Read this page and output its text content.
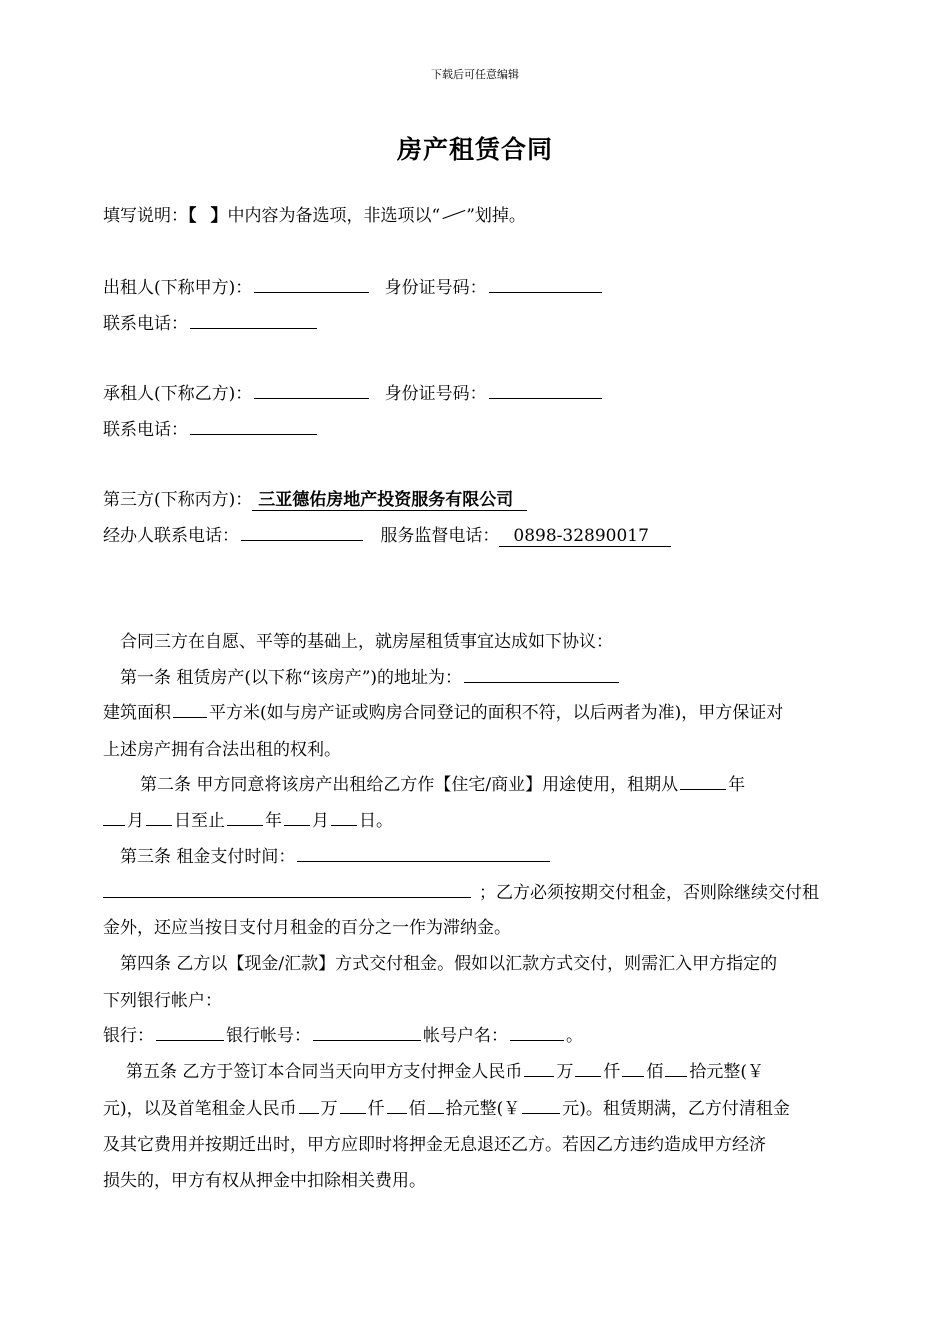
下载后可任意编辑
房产租赁合同
填写说明：【 】中内容为备选项，非选项以“ ”划掉。
出租人(下称甲方)：	身份证号码：
联系电话：
承租人(下称乙方)：	身份证号码：
联系电话：
第三方(下称丙方)： 三亚德佑房地产投资服务有限公司
经办人联系电话：	服务监督电话： 0898-32890017
合同三方在自愿、平等的基础上，就房屋租赁事宜达成如下协议：
第一条 租赁房产(以下称“该房产”)的地址为：
建筑面积 平方米(如与房产证或购房合同登记的面积不符，以后两者为准)，甲方保证对
上述房产拥有合法出租的权利。
第二条 甲方同意将该房产出租给乙方作【住宅/商业】用途使用，租期从	年
月 日至止 年 月 日。
第三条 租金支付时间：
；乙方必须按期交付租金，否则除继续交付租
金外，还应当按日支付月租金的百分之一作为滞纳金。
第四条 乙方以【现金/汇款】方式交付租金。假如以汇款方式交付，则需汇入甲方指定的
下列银行帐户：
银行：	银行帐号：	帐号户名：	。
第五条 乙方于签订本合同当天向甲方支付押金人民币 万 仟 佰 拾元整(￥
元)，以及首笔租金人民币 万 仟 佰 拾元整(￥ 元)。租赁期满，乙方付清租金
及其它费用并按期迁出时，甲方应即时将押金无息退还乙方。若因乙方违约造成甲方经济
损失的，甲方有权从押金中扣除相关费用。
